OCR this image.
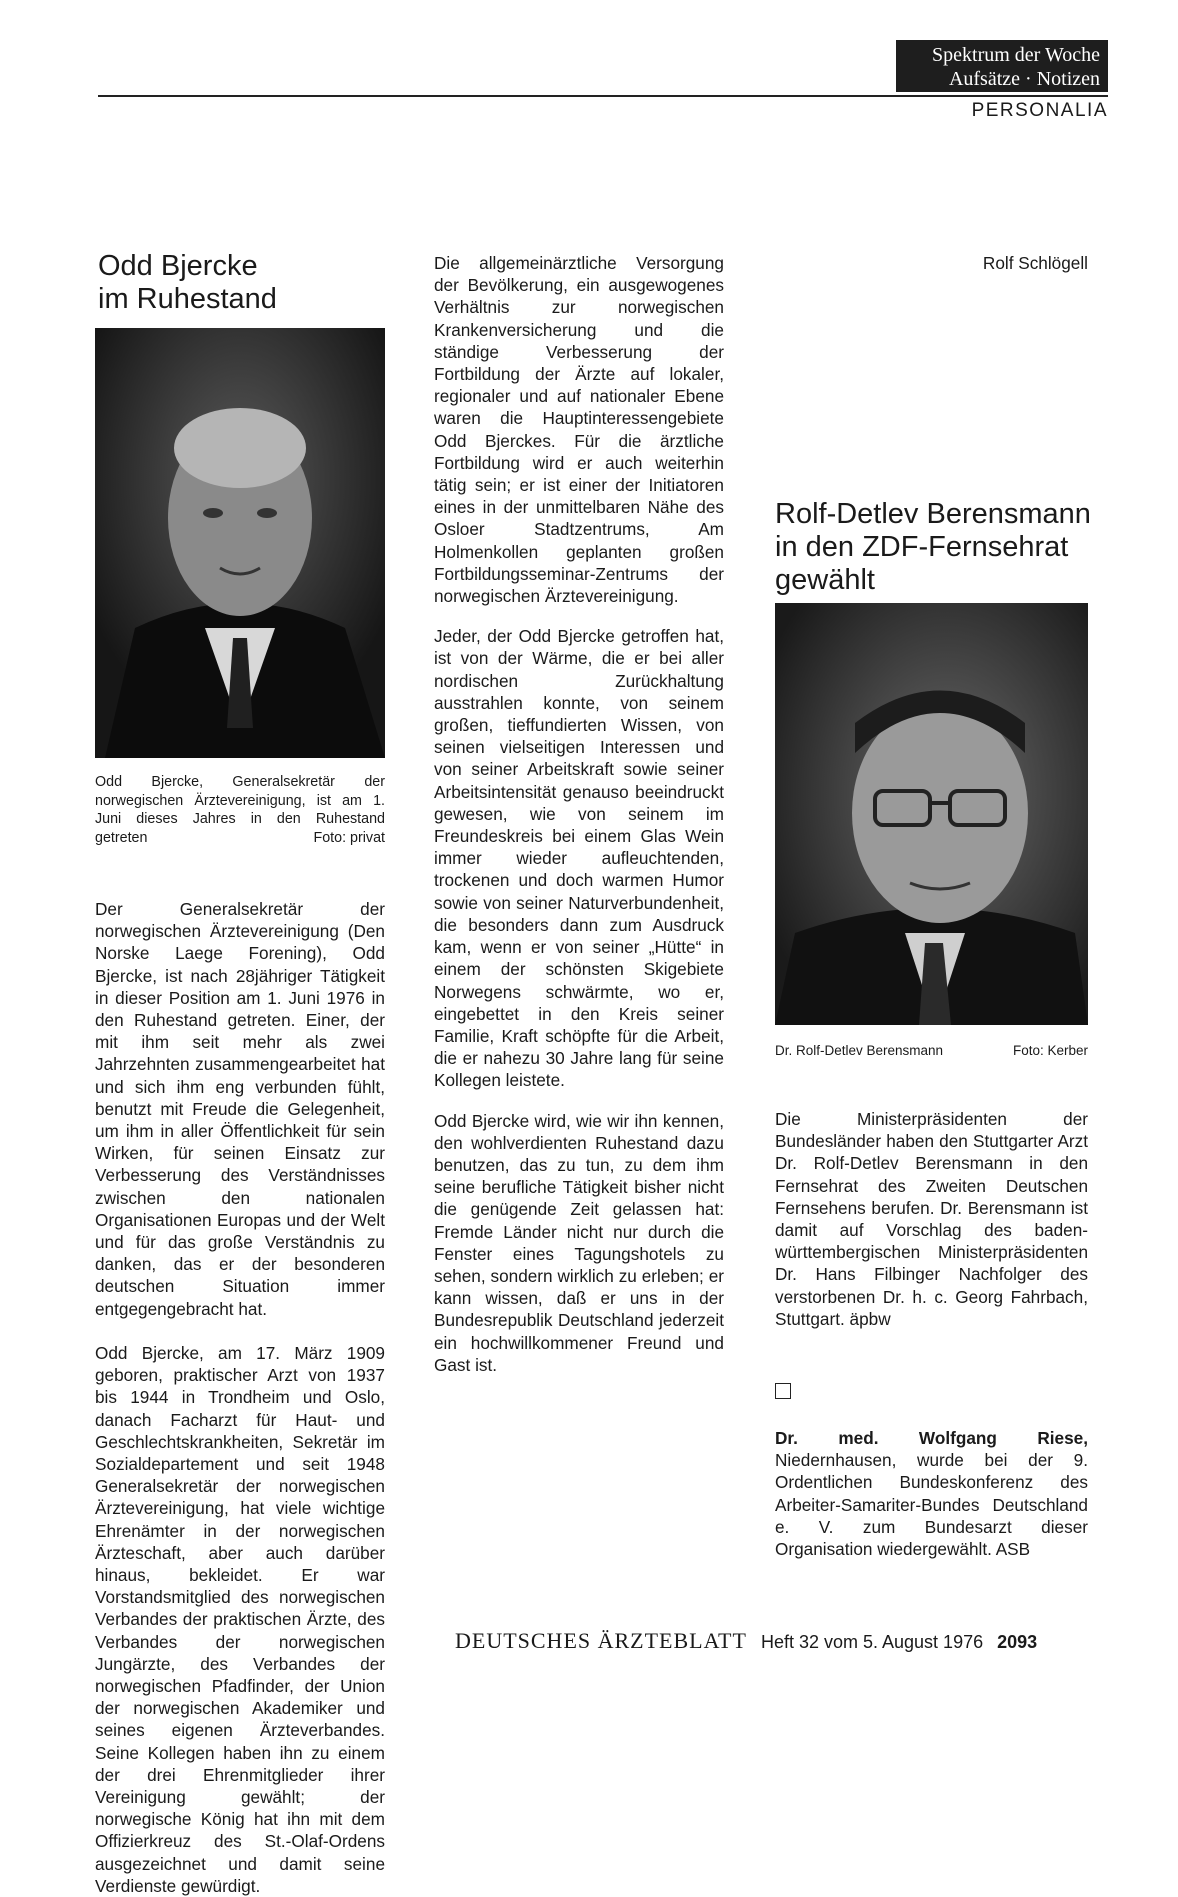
Spektrum der Woche
Aufsätze · Notizen
PERSONALIA
Odd Bjercke
im Ruhestand
Odd Bjercke, Generalsekretär der norwegischen Ärztevereinigung, ist am 1. Juni dieses Jahres in den Ruhestand getreten	Foto: privat

Der Generalsekretär der norwegischen Ärztevereinigung (Den Norske Laege Forening), Odd Bjercke, ist nach 28jähriger Tätigkeit in dieser Position am 1. Juni 1976 in den Ruhestand getreten. Einer, der mit ihm seit mehr als zwei Jahrzehnten zusammengearbeitet hat und sich ihm eng verbunden fühlt, benutzt mit Freude die Gelegenheit, um ihm in aller Öffentlichkeit für sein Wirken, für seinen Einsatz zur Verbesserung des Verständnisses zwischen den nationalen Organisationen Europas und der Welt und für das große Verständnis zu danken, das er der besonderen deutschen Situation immer entgegengebracht hat.

Odd Bjercke, am 17. März 1909 geboren, praktischer Arzt von 1937 bis 1944 in Trondheim und Oslo, danach Facharzt für Haut- und Geschlechtskrankheiten, Sekretär im Sozialdepartement und seit 1948 Generalsekretär der norwegischen Ärztevereinigung, hat viele wichtige Ehrenämter in der norwegischen Ärzteschaft, aber auch darüber hinaus, bekleidet. Er war Vorstandsmitglied des norwegischen Verbandes der praktischen Ärzte, des Verbandes der norwegischen Jungärzte, des Verbandes der norwegischen Pfadfinder, der Union der norwegischen Akademiker und seines eigenen Ärzteverbandes. Seine Kollegen haben ihn zu einem der drei Ehrenmitglieder ihrer Vereinigung gewählt; der norwegische König hat ihn mit dem Offizierkreuz des St.-Olaf-Ordens ausgezeichnet und damit seine Verdienste gewürdigt.

Die allgemeinärztliche Versorgung der Bevölkerung, ein ausgewogenes Verhältnis zur norwegischen Krankenversicherung und die ständige Verbesserung der Fortbildung der Ärzte auf lokaler, regionaler und auf nationaler Ebene waren die Hauptinteressengebiete Odd Bjerckes. Für die ärztliche Fortbildung wird er auch weiterhin tätig sein; er ist einer der Initiatoren eines in der unmittelbaren Nähe des Osloer Stadtzentrums, Am Holmenkollen geplanten großen Fortbildungsseminar-Zentrums der norwegischen Ärztevereinigung.

Jeder, der Odd Bjercke getroffen hat, ist von der Wärme, die er bei aller nordischen Zurückhaltung ausstrahlen konnte, von seinem großen, tieffundierten Wissen, von seinen vielseitigen Interessen und von seiner Arbeitskraft sowie seiner Arbeitsintensität genauso beeindruckt gewesen, wie von seinem im Freundeskreis bei einem Glas Wein immer wieder aufleuchtenden, trockenen und doch warmen Humor sowie von seiner Naturverbundenheit, die besonders dann zum Ausdruck kam, wenn er von seiner „Hütte“ in einem der schönsten Skigebiete Norwegens schwärmte, wo er, eingebettet in den Kreis seiner Familie, Kraft schöpfte für die Arbeit, die er nahezu 30 Jahre lang für seine Kollegen leistete.

Odd Bjercke wird, wie wir ihn kennen, den wohlverdienten Ruhestand dazu benutzen, das zu tun, zu dem ihm seine berufliche Tätigkeit bisher nicht die genügende Zeit gelassen hat: Fremde Länder nicht nur durch die Fenster eines Tagungshotels zu sehen, sondern wirklich zu erleben; er kann wissen, daß er uns in der Bundesrepublik Deutschland jederzeit ein hochwillkommener Freund und Gast ist.

Rolf Schlögell
Rolf-Detlev Berensmann
in den ZDF-Fernsehrat
gewählt
Dr. Rolf-Detlev Berensmann	Foto: Kerber

Die Ministerpräsidenten der Bundesländer haben den Stuttgarter Arzt Dr. Rolf-Detlev Berensmann in den Fernsehrat des Zweiten Deutschen Fernsehens berufen. Dr. Berensmann ist damit auf Vorschlag des baden-württembergischen Ministerpräsidenten Dr. Hans Filbinger Nachfolger des verstorbenen Dr. h. c. Georg Fahrbach, Stuttgart. äpbw

Dr. med. Wolfgang Riese, Niedernhausen, wurde bei der 9. Ordentlichen Bundeskonferenz des Arbeiter-Samariter-Bundes Deutschland e. V. zum Bundesarzt dieser Organisation wiedergewählt. ASB

DEUTSCHES ÄRZTEBLATT Heft 32 vom 5. August 1976 2093
